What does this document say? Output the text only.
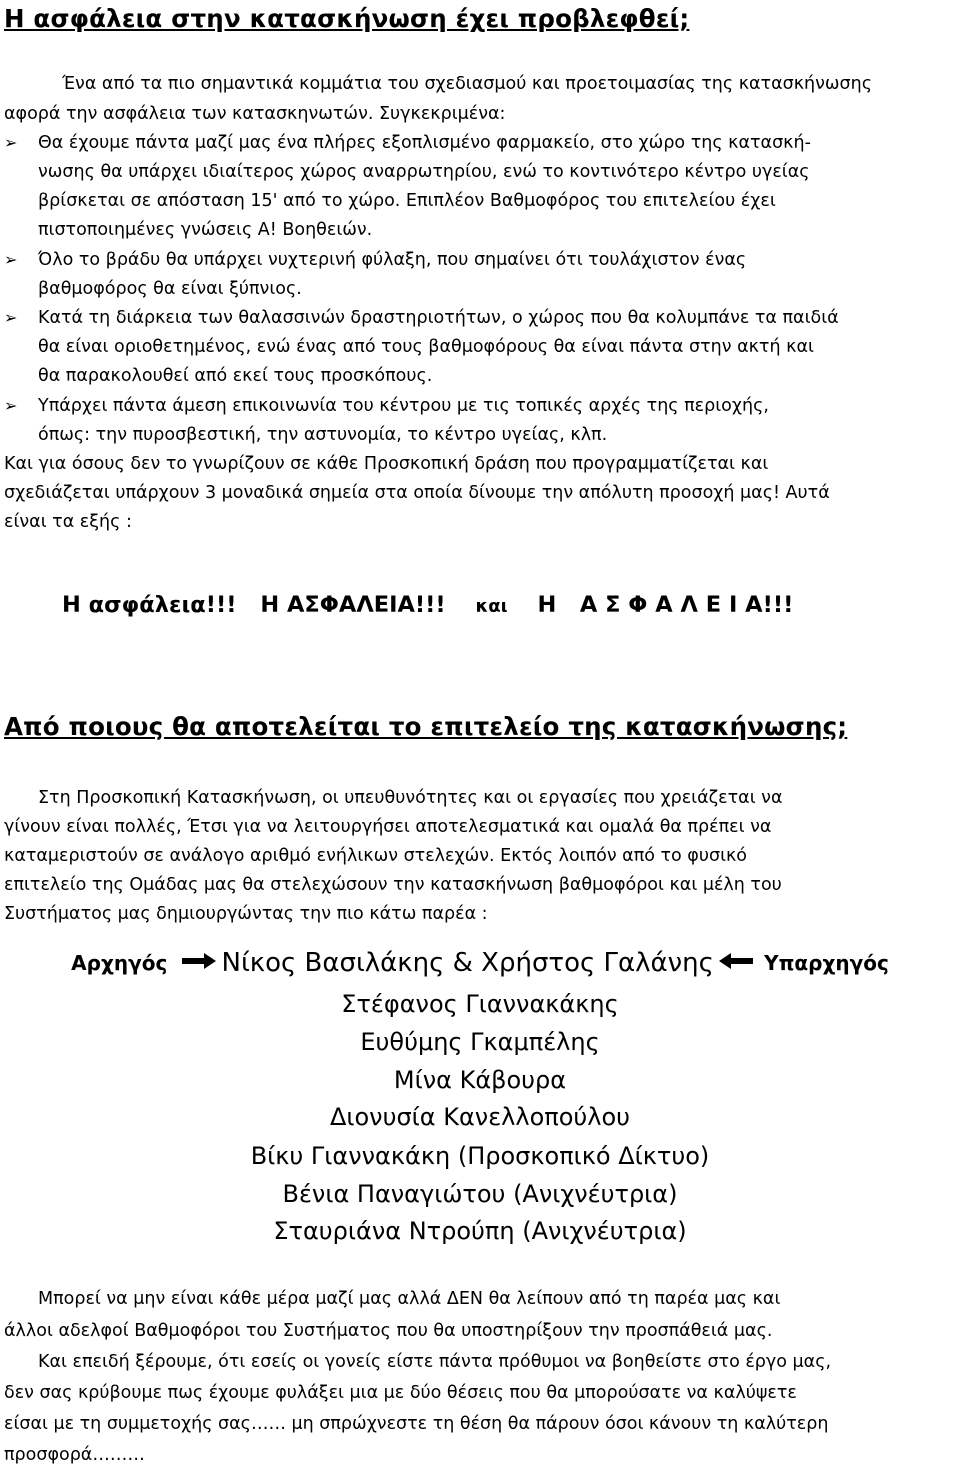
Η ασφάλεια στην κατασκήνωση έχει προβλεφθεί;
Ένα από τα πιο σημαντικά κομμάτια του σχεδιασμού και προετοιμασίας της κατασκήνωσης
αφορά την ασφάλεια των κατασκηνωτών. Συγκεκριμένα:
➢ Θα έχουμε πάντα μαζί μας ένα πλήρες εξοπλισμένο φαρμακείο, στο χώρο της κατασκή-
νωσης θα υπάρχει ιδιαίτερος χώρος αναρρωτηρίου, ενώ το κοντινότερο κέντρο υγείας
βρίσκεται σε απόσταση 15' από το χώρο. Επιπλέον Βαθμοφόρος του επιτελείου έχει
πιστοποιημένες γνώσεις Α! Βοηθειών.
➢ Όλο το βράδυ θα υπάρχει νυχτερινή φύλαξη, που σημαίνει ότι τουλάχιστον ένας
βαθμοφόρος θα είναι ξύπνιος.
➢ Κατά τη διάρκεια των θαλασσινών δραστηριοτήτων, ο χώρος που θα κολυμπάνε τα παιδιά
θα είναι οριοθετημένος, ενώ ένας από τους βαθμοφόρους θα είναι πάντα στην ακτή και
θα παρακολουθεί από εκεί τους προσκόπους.
➢ Υπάρχει πάντα άμεση επικοινωνία του κέντρου με τις τοπικές αρχές της περιοχής,
όπως: την πυροσβεστική, την αστυνομία, το κέντρο υγείας, κλπ.
Και για όσους δεν το γνωρίζουν σε κάθε Προσκοπική δράση που προγραμματίζεται και
σχεδιάζεται υπάρχουν 3 μοναδικά σημεία στα οποία δίνουμε την απόλυτη προσοχή μας! Αυτά
είναι τα εξής :
Η ασφάλεια!!! Η ΑΣΦΑΛΕΙΑ!!! και Η   Α Σ Φ Α Λ Ε Ι Α!!!
Από ποιους θα αποτελείται το επιτελείο της κατασκήνωσης;
Στη Προσκοπική Κατασκήνωση, οι υπευθυνότητες και οι εργασίες που χρειάζεται να
γίνουν είναι πολλές, Έτσι για να λειτουργήσει αποτελεσματικά και ομαλά θα πρέπει να
καταμεριστούν σε ανάλογο αριθμό ενήλικων στελεχών. Εκτός λοιπόν από το φυσικό
επιτελείο της Ομάδας μας θα στελεχώσουν την κατασκήνωση βαθμοφόροι και μέλη του
Συστήματος μας δημιουργώντας την πιο κάτω παρέα :
Αρχηγός Νίκος Βασιλάκης & Χρήστος Γαλάνης	Υπαρχηγός
Στέφανος Γιαννακάκης
Ευθύμης Γκαμπέλης
Μίνα Κάβουρα
Διονυσία Κανελλοπούλου
Βίκυ Γιαννακάκη (Προσκοπικό Δίκτυο)
Βένια Παναγιώτου (Ανιχνέυτρια)
Σταυριάνα Ντρούπη (Ανιχνέυτρια)
Μπορεί να μην είναι κάθε μέρα μαζί μας αλλά ΔΕΝ θα λείπουν από τη παρέα μας και
άλλοι αδελφοί Βαθμοφόροι του Συστήματος που θα υποστηρίξουν την προσπάθειά μας.
Και επειδή ξέρουμε, ότι εσείς οι γονείς είστε πάντα πρόθυμοι να βοηθείστε στο έργο μας,
δεν σας κρύβουμε πως έχουμε φυλάξει μια με δύο θέσεις που θα μπορούσατε να καλύψετε
είσαι με τη συμμετοχής σας…… μη σπρώχνεστε τη θέση θα πάρουν όσοι κάνουν τη καλύτερη
προσφορά………
